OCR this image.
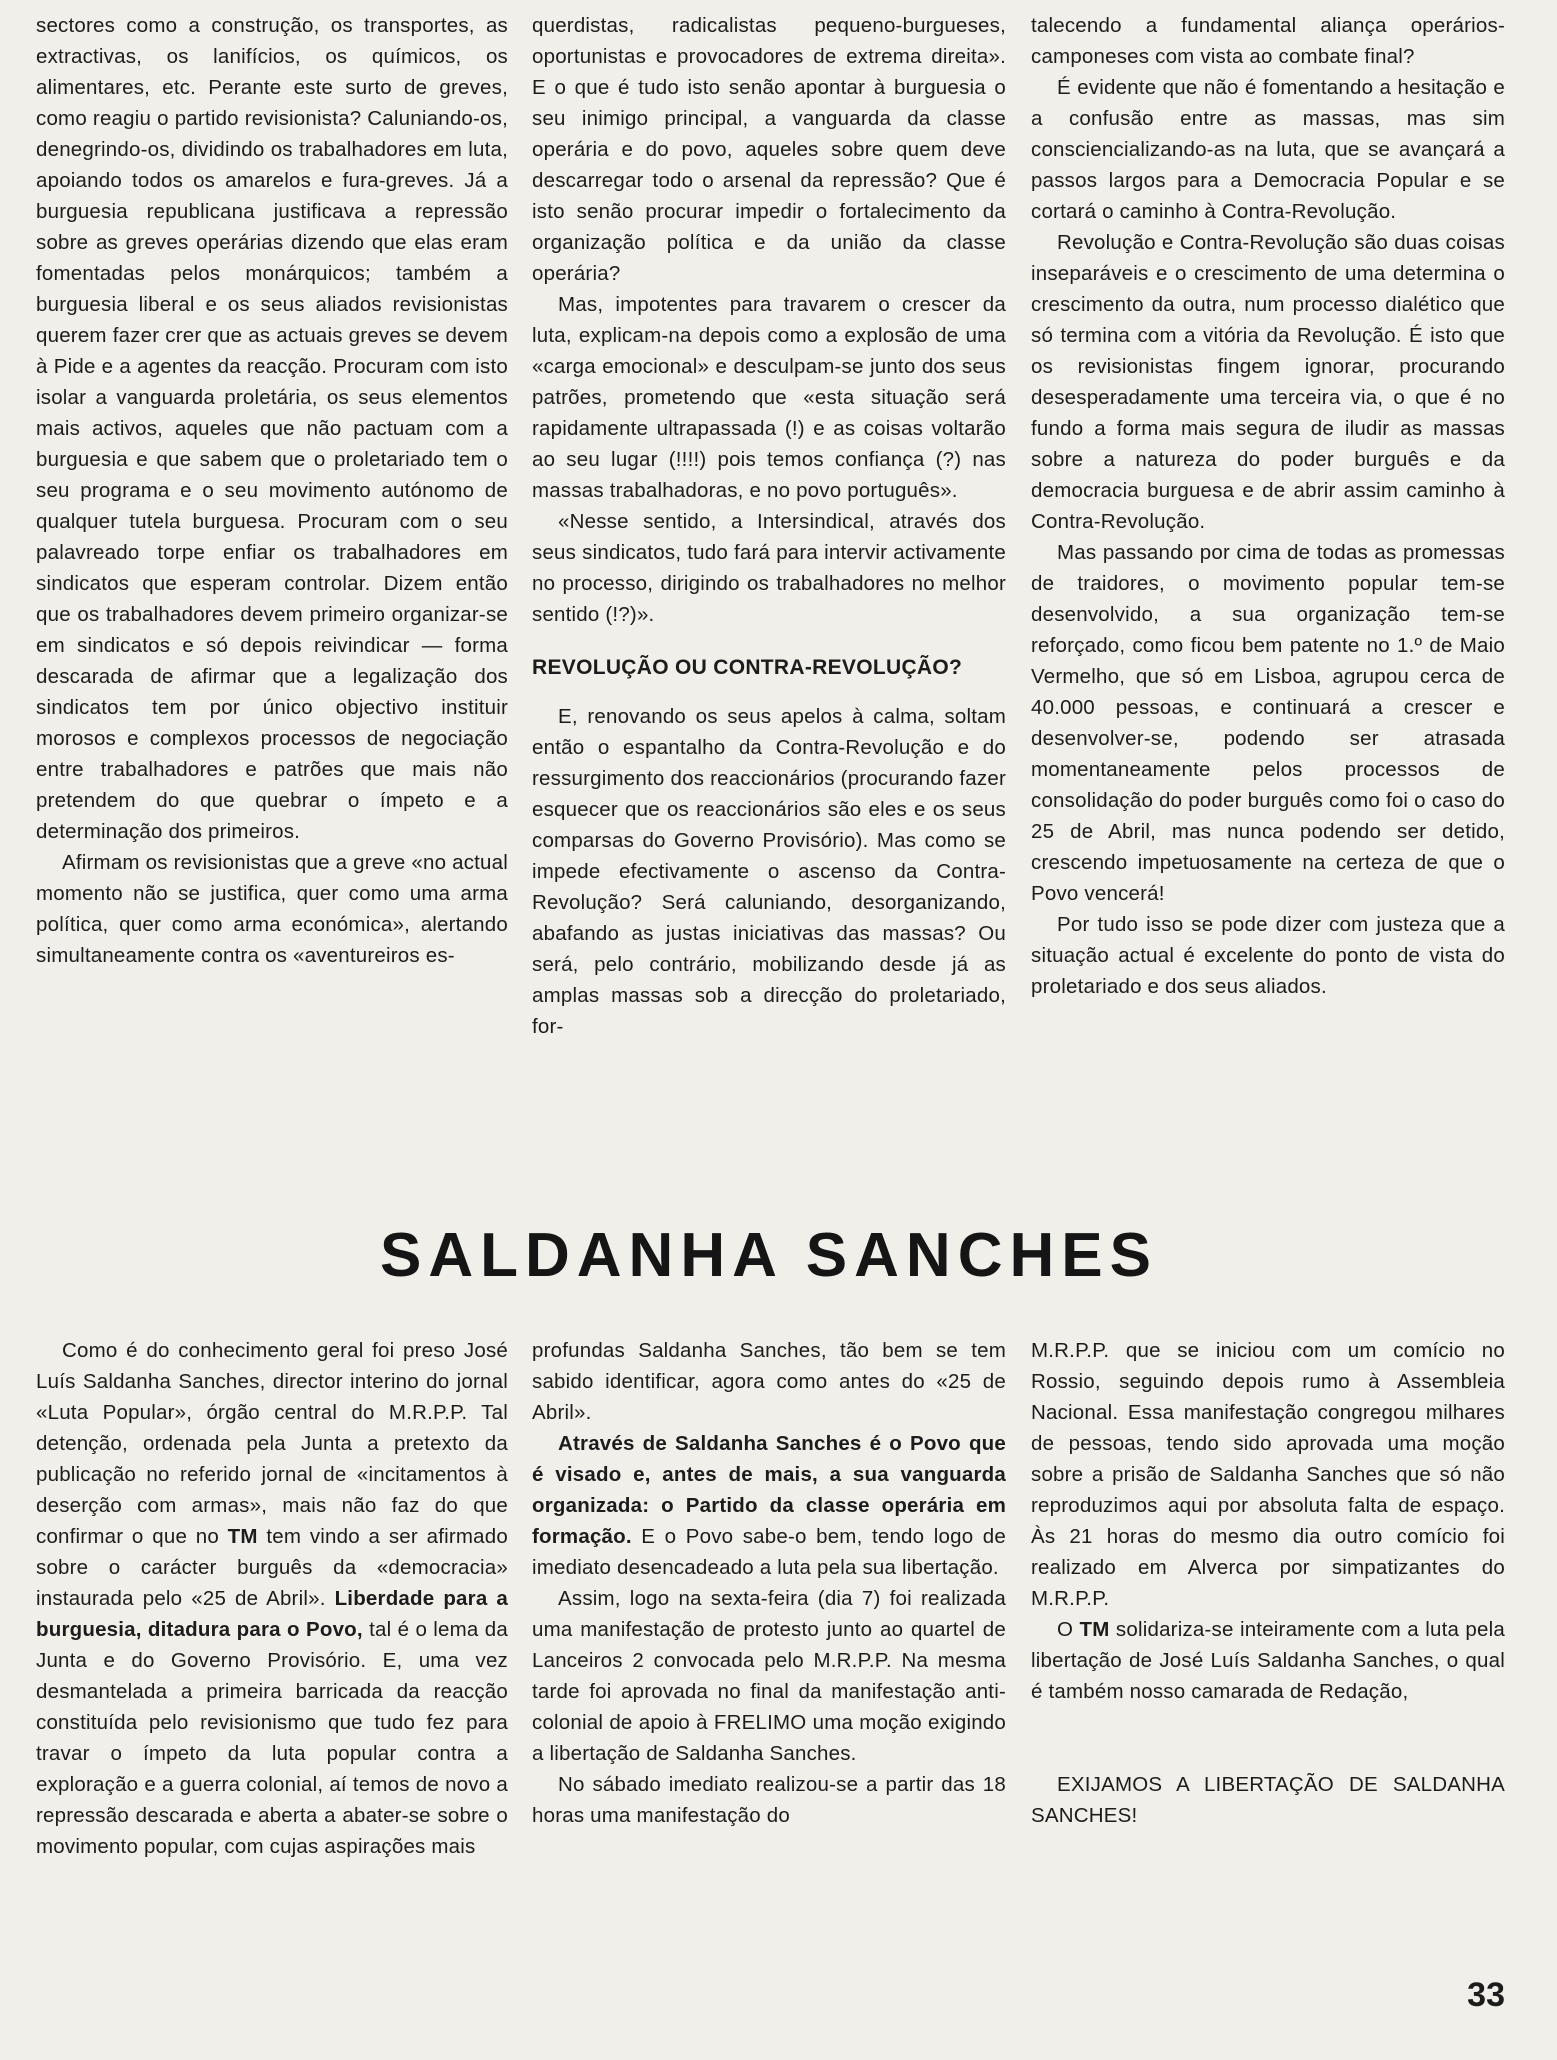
sectores como a construção, os transportes, as extractivas, os lanifícios, os químicos, os alimentares, etc. Perante este surto de greves, como reagiu o partido revisionista? Caluniando-os, denegrindo-os, dividindo os trabalhadores em luta, apoiando todos os amarelos e fura-greves. Já a burguesia republicana justificava a repressão sobre as greves operárias dizendo que elas eram fomentadas pelos monárquicos; também a burguesia liberal e os seus aliados revisionistas querem fazer crer que as actuais greves se devem à Pide e a agentes da reacção. Procuram com isto isolar a vanguarda proletária, os seus elementos mais activos, aqueles que não pactuam com a burguesia e que sabem que o proletariado tem o seu programa e o seu movimento autónomo de qualquer tutela burguesa. Procuram com o seu palavreado torpe enfiar os trabalhadores em sindicatos que esperam controlar. Dizem então que os trabalhadores devem primeiro organizar-se em sindicatos e só depois reivindicar — forma descarada de afirmar que a legalização dos sindicatos tem por único objectivo instituir morosos e complexos processos de negociação entre trabalhadores e patrões que mais não pretendem do que quebrar o ímpeto e a determinação dos primeiros.

Afirmam os revisionistas que a greve «no actual momento não se justifica, quer como uma arma política, quer como arma económica», alertando simultaneamente contra os «aventureiros es-

querdistas, radicalistas pequeno-burgueses, oportunistas e provocadores de extrema direita». E o que é tudo isto senão apontar à burguesia o seu inimigo principal, a vanguarda da classe operária e do povo, aqueles sobre quem deve descarregar todo o arsenal da repressão? Que é isto senão procurar impedir o fortalecimento da organização política e da união da classe operária?

Mas, impotentes para travarem o crescer da luta, explicam-na depois como a explosão de uma «carga emocional» e desculpam-se junto dos seus patrões, prometendo que «esta situação será rapidamente ultrapassada (!) e as coisas voltarão ao seu lugar (!!!!) pois temos confiança (?) nas massas trabalhadoras, e no povo português».

«Nesse sentido, a Intersindical, através dos seus sindicatos, tudo fará para intervir activamente no processo, dirigindo os trabalhadores no melhor sentido (!?)».

REVOLUÇÃO OU CONTRA-REVOLUÇÃO?

E, renovando os seus apelos à calma, soltam então o espantalho da Contra-Revolução e do ressurgimento dos reaccionários (procurando fazer esquecer que os reaccionários são eles e os seus comparsas do Governo Provisório). Mas como se impede efectivamente o ascenso da Contra-Revolução? Será caluniando, desorganizando, abafando as justas iniciativas das massas? Ou será, pelo contrário, mobilizando desde já as amplas massas sob a direcção do proletariado, for-

talecendo a fundamental aliança operários-camponeses com vista ao combate final?

É evidente que não é fomentando a hesitação e a confusão entre as massas, mas sim consciencializando-as na luta, que se avançará a passos largos para a Democracia Popular e se cortará o caminho à Contra-Revolução.

Revolução e Contra-Revolução são duas coisas inseparáveis e o crescimento de uma determina o crescimento da outra, num processo dialético que só termina com a vitória da Revolução. É isto que os revisionistas fingem ignorar, procurando desesperadamente uma terceira via, o que é no fundo a forma mais segura de iludir as massas sobre a natureza do poder burguês e da democracia burguesa e de abrir assim caminho à Contra-Revolução.

Mas passando por cima de todas as promessas de traidores, o movimento popular tem-se desenvolvido, a sua organização tem-se reforçado, como ficou bem patente no 1.º de Maio Vermelho, que só em Lisboa, agrupou cerca de 40.000 pessoas, e continuará a crescer e desenvolver-se, podendo ser atrasada momentaneamente pelos processos de consolidação do poder burguês como foi o caso do 25 de Abril, mas nunca podendo ser detido, crescendo impetuosamente na certeza de que o Povo vencerá!

Por tudo isso se pode dizer com justeza que a situação actual é excelente do ponto de vista do proletariado e dos seus aliados.

SALDANHA SANCHES

Como é do conhecimento geral foi preso José Luís Saldanha Sanches, director interino do jornal «Luta Popular», órgão central do M.R.P.P. Tal detenção, ordenada pela Junta a pretexto da publicação no referido jornal de «incitamentos à deserção com armas», mais não faz do que confirmar o que no TM tem vindo a ser afirmado sobre o carácter burguês da «democracia» instaurada pelo «25 de Abril». Liberdade para a burguesia, ditadura para o Povo, tal é o lema da Junta e do Governo Provisório. E, uma vez desmantelada a primeira barricada da reacção constituída pelo revisionismo que tudo fez para travar o ímpeto da luta popular contra a exploração e a guerra colonial, aí temos de novo a repressão descarada e aberta a abater-se sobre o movimento popular, com cujas aspirações mais

profundas Saldanha Sanches, tão bem se tem sabido identificar, agora como antes do «25 de Abril».

Através de Saldanha Sanches é o Povo que é visado e, antes de mais, a sua vanguarda organizada: o Partido da classe operária em formação. E o Povo sabe-o bem, tendo logo de imediato desencadeado a luta pela sua libertação.

Assim, logo na sexta-feira (dia 7) foi realizada uma manifestação de protesto junto ao quartel de Lanceiros 2 convocada pelo M.R.P.P. Na mesma tarde foi aprovada no final da manifestação anti-colonial de apoio à FRELIMO uma moção exigindo a libertação de Saldanha Sanches.

No sábado imediato realizou-se a partir das 18 horas uma manifestação do

M.R.P.P. que se iniciou com um comício no Rossio, seguindo depois rumo à Assembleia Nacional. Essa manifestação congregou milhares de pessoas, tendo sido aprovada uma moção sobre a prisão de Saldanha Sanches que só não reproduzimos aqui por absoluta falta de espaço. Às 21 horas do mesmo dia outro comício foi realizado em Alverca por simpatizantes do M.R.P.P.

O TM solidariza-se inteiramente com a luta pela libertação de José Luís Saldanha Sanches, o qual é também nosso camarada de Redação,

EXIJAMOS A LIBERTAÇÃO DE SALDANHA SANCHES!

33
